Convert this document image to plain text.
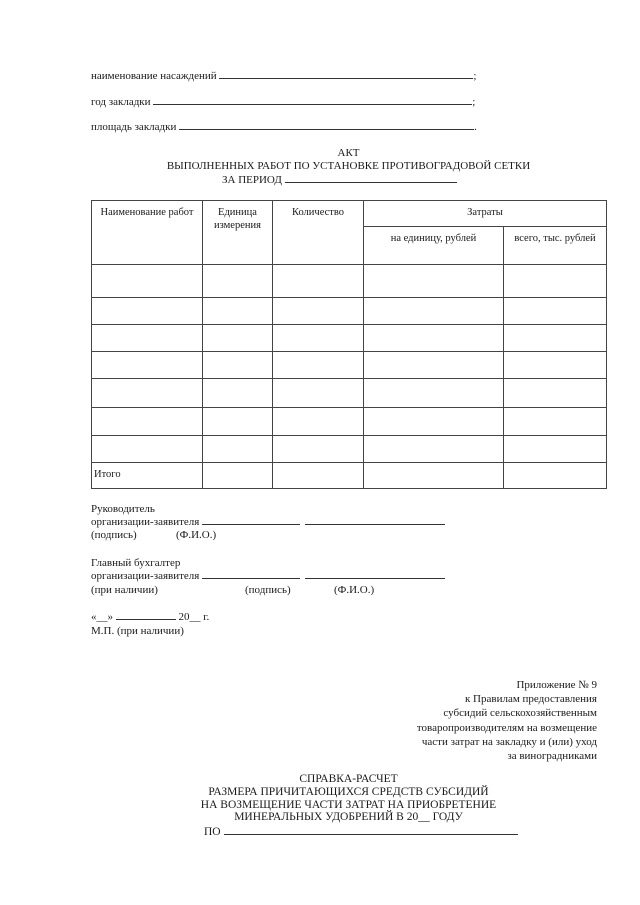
наименование насаждений	;
год закладки	;
площадь закладки	.
АКТ
ВЫПОЛНЕННЫХ РАБОТ ПО УСТАНОВКЕ ПРОТИВОГРАДОВОЙ СЕТКИ
ЗА ПЕРИОД
Наименование работ	Единица измерения	Количество	Затраты	
			на единицу, рублей	всего, тыс. рублей

Итого				
Руководитель
организации-заявителя
(подпись)	(Ф.И.О.)
Главный бухгалтер
организации-заявителя
(при наличии)	(подпись)	(Ф.И.О.)
«__»	20__ г.
М.П. (при наличии)
Приложение № 9
к Правилам предоставления
субсидий сельскохозяйственным
товаропроизводителям на возмещение
части затрат на закладку и (или) уход
за виноградниками
СПРАВКА-РАСЧЕТ
РАЗМЕРА ПРИЧИТАЮЩИХСЯ СРЕДСТВ СУБСИДИЙ
НА ВОЗМЕЩЕНИЕ ЧАСТИ ЗАТРАТ НА ПРИОБРЕТЕНИЕ
МИНЕРАЛЬНЫХ УДОБРЕНИЙ В 20__ ГОДУ
ПО
